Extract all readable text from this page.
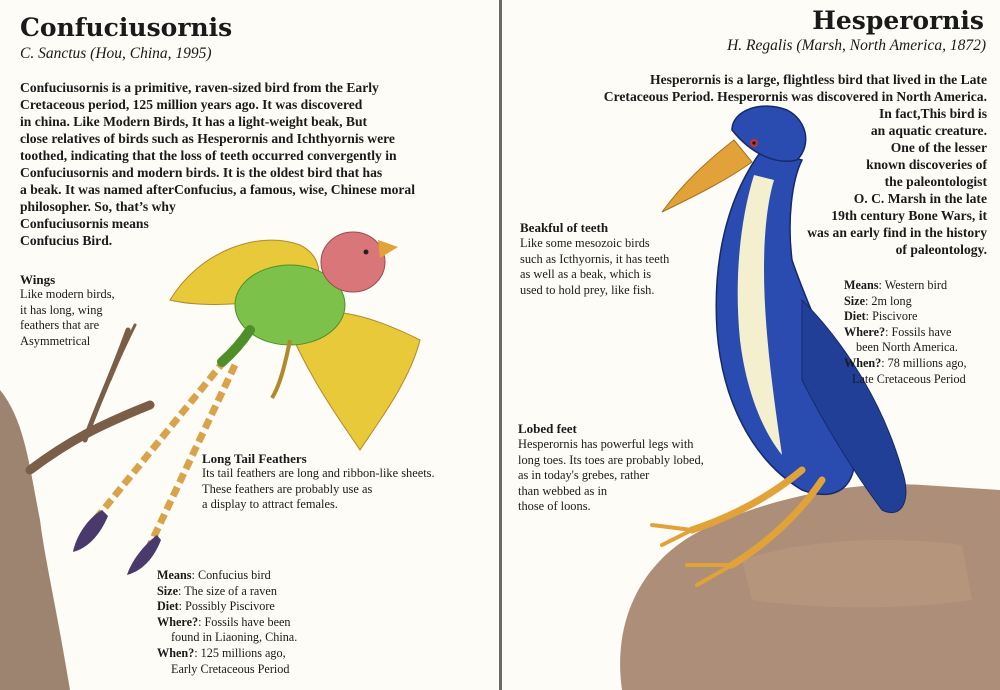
Confuciusornis
C. Sanctus (Hou, China, 1995)
Confuciusornis is a primitive, raven-sized bird from the Early
Cretaceous period, 125 million years ago. It was discovered
in china. Like Modern Birds, It has a light-weight beak, But
close relatives of birds such as Hesperornis and Ichthyornis were
toothed, indicating that the loss of teeth occurred convergently in
Confuciusornis and modern birds. It is the oldest bird that has
a beak. It was named afterConfucius, a famous, wise, Chinese moral
philosopher. So, that’s why
Confuciusornis means
Confucius Bird.
Wings
Like modern birds,
it has long, wing
feathers that are
Asymmetrical
Long Tail Feathers
Its tail feathers are long and ribbon-like sheets.
These feathers are probably use as
a display to attract females.
Means: Confucius bird
Size: The size of a raven
Diet: Possibly Piscivore
Where?: Fossils have been
found in Liaoning, China.
When?: 125 millions ago,
Early Cretaceous Period
Hesperornis
H. Regalis (Marsh, North America, 1872)
Hesperornis is a large, flightless bird that lived in the Late
Cretaceous Period. Hesperornis was discovered in North America.
In fact,This bird is
an aquatic creature.
One of the lesser
known discoveries of
the paleontologist
O. C. Marsh in the late
19th century Bone Wars, it
was an early find in the history
of paleontology.
Beakful of teeth
Like some mesozoic birds
such as Icthyornis, it has teeth
as well as a beak, which is
used to hold prey, like fish.	Means: Western bird
Size: 2m long
Diet: Piscivore
Where?: Fossils have
been North America.
When?: 78 millions ago,
Late Cretaceous Period
Lobed feet
Hesperornis has powerful legs with
long toes. Its toes are probably lobed,
as in today's grebes, rather
than webbed as in
those of loons.
